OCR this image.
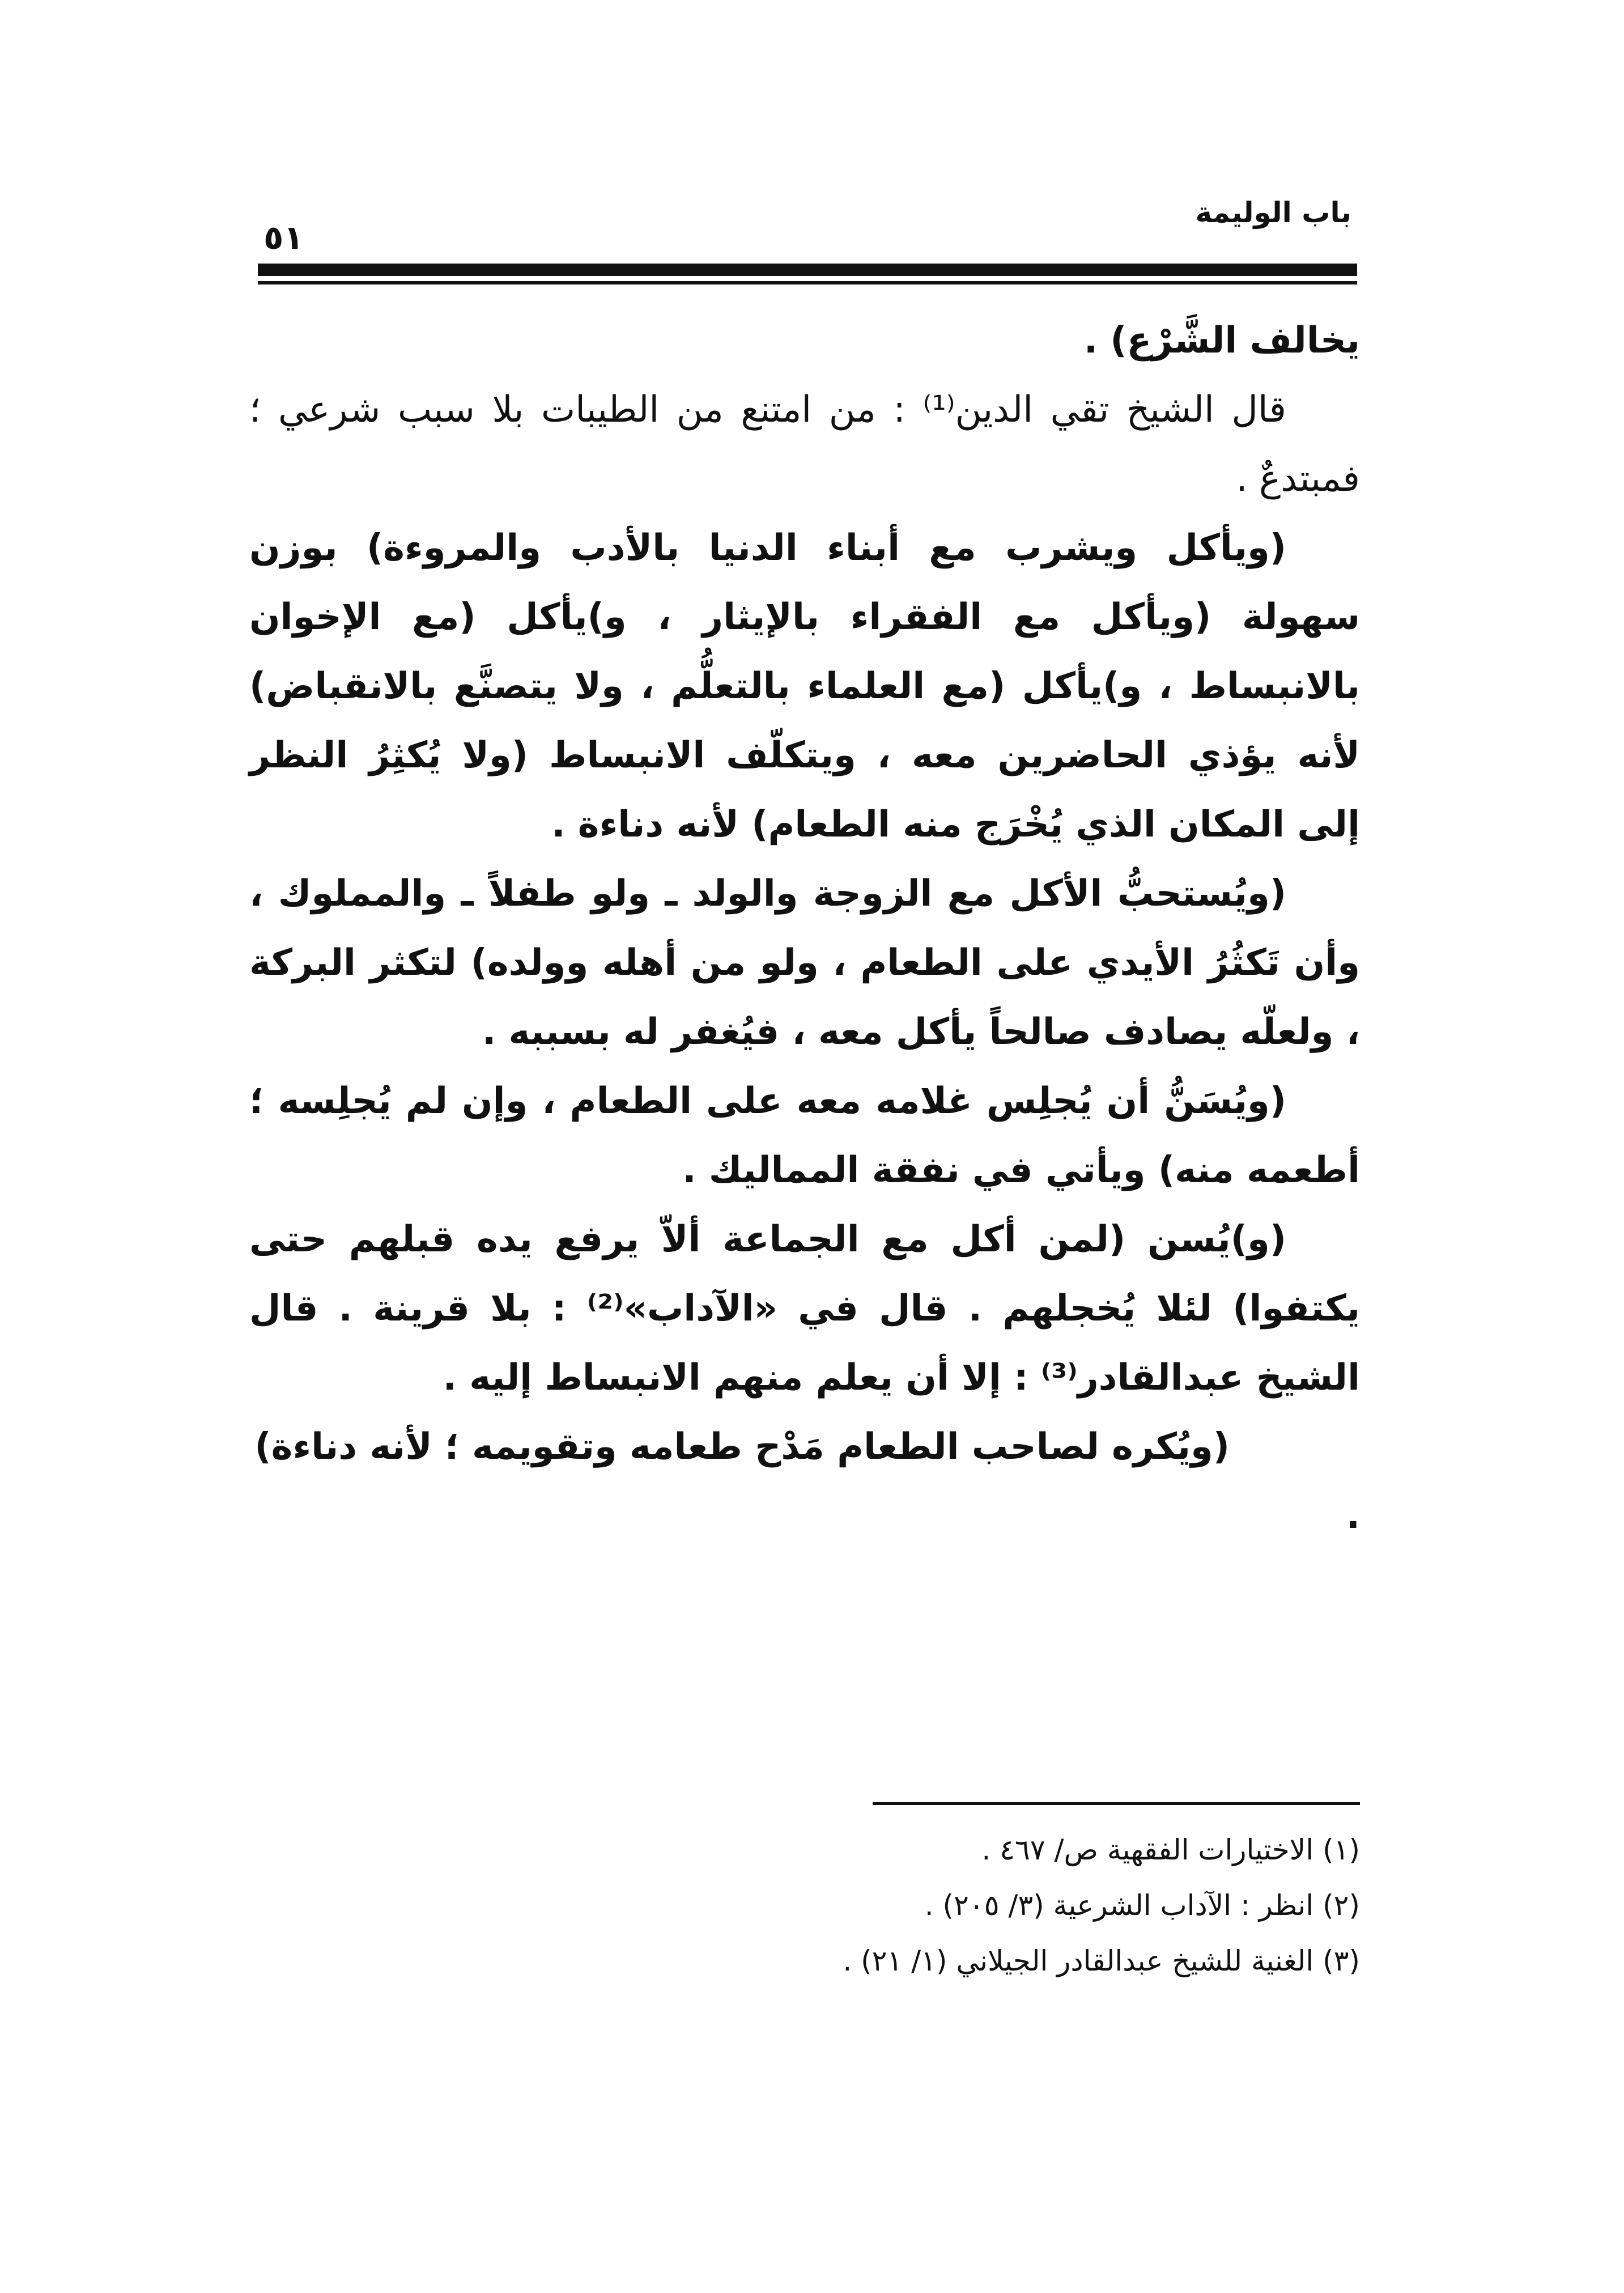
٥١
باب الوليمة

يخالف الشَّرْع) .

قال الشيخ تقي الدين⁽¹⁾ : من امتنع من الطيبات بلا سبب شرعي ؛ فمبتدعٌ .

(ويأكل ويشرب مع أبناء الدنيا بالأدب والمروءة) بوزن سهولة (ويأكل مع الفقراء بالإيثار ، و)يأكل (مع الإخوان بالانبساط ، و)يأكل (مع العلماء بالتعلُّم ، ولا يتصنَّع بالانقباض) لأنه يؤذي الحاضرين معه ، ويتكلّف الانبساط (ولا يُكثِرُ النظر إلى المكان الذي يُخْرَج منه الطعام) لأنه دناءة .

(ويُستحبُّ الأكل مع الزوجة والولد ـ ولو طفلاً ـ والمملوك ، وأن تَكثُرُ الأيدي على الطعام ، ولو من أهله وولده) لتكثر البركة ، ولعلّه يصادف صالحاً يأكل معه ، فيُغفر له بسببه .

(ويُسَنُّ أن يُجلِس غلامه معه على الطعام ، وإن لم يُجلِسه ؛ أطعمه منه) ويأتي في نفقة المماليك .

(و)يُسن (لمن أكل مع الجماعة ألاّ يرفع يده قبلهم حتى يكتفوا) لئلا يُخجلهم . قال في «الآداب»⁽²⁾ : بلا قرينة . قال الشيخ عبدالقادر⁽³⁾ : إلا أن يعلم منهم الانبساط إليه .

(ويُكره لصاحب الطعام مَدْح طعامه وتقويمه ؛ لأنه دناءة) .

(١) الاختيارات الفقهية ص/ ٤٦٧ .

(٢) انظر : الآداب الشرعية (٣/ ٢٠٥) .

(٣) الغنية للشيخ عبدالقادر الجيلاني (١/ ٢١) .
